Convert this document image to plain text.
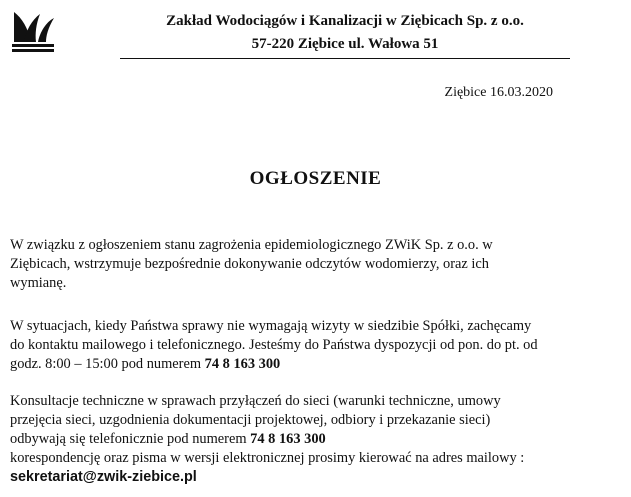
Zakład Wodociągów i Kanalizacji w Ziębicach Sp. z o.o.
57-220 Ziębice ul. Wałowa 51
Ziębice 16.03.2020
OGŁOSZENIE
W związku z ogłoszeniem stanu zagrożenia epidemiologicznego ZWiK Sp. z o.o. w
Ziębicach, wstrzymuje bezpośrednie dokonywanie odczytów wodomierzy, oraz ich
wymianę.
W sytuacjach, kiedy Państwa sprawy nie wymagają wizyty w siedzibie Spółki, zachęcamy
do kontaktu mailowego i telefonicznego. Jesteśmy do Państwa dyspozycji od pon. do pt. od
godz. 8:00 – 15:00 pod numerem 74 8 163 300
Konsultacje techniczne w sprawach przyłączeń do sieci (warunki techniczne, umowy
przejęcia sieci, uzgodnienia dokumentacji projektowej, odbiory i przekazanie sieci)
odbywają się telefonicznie pod numerem 74 8 163 300
korespondencję oraz pisma w wersji elektronicznej prosimy kierować na adres mailowy :
sekretariat@zwik-ziebice.pl
